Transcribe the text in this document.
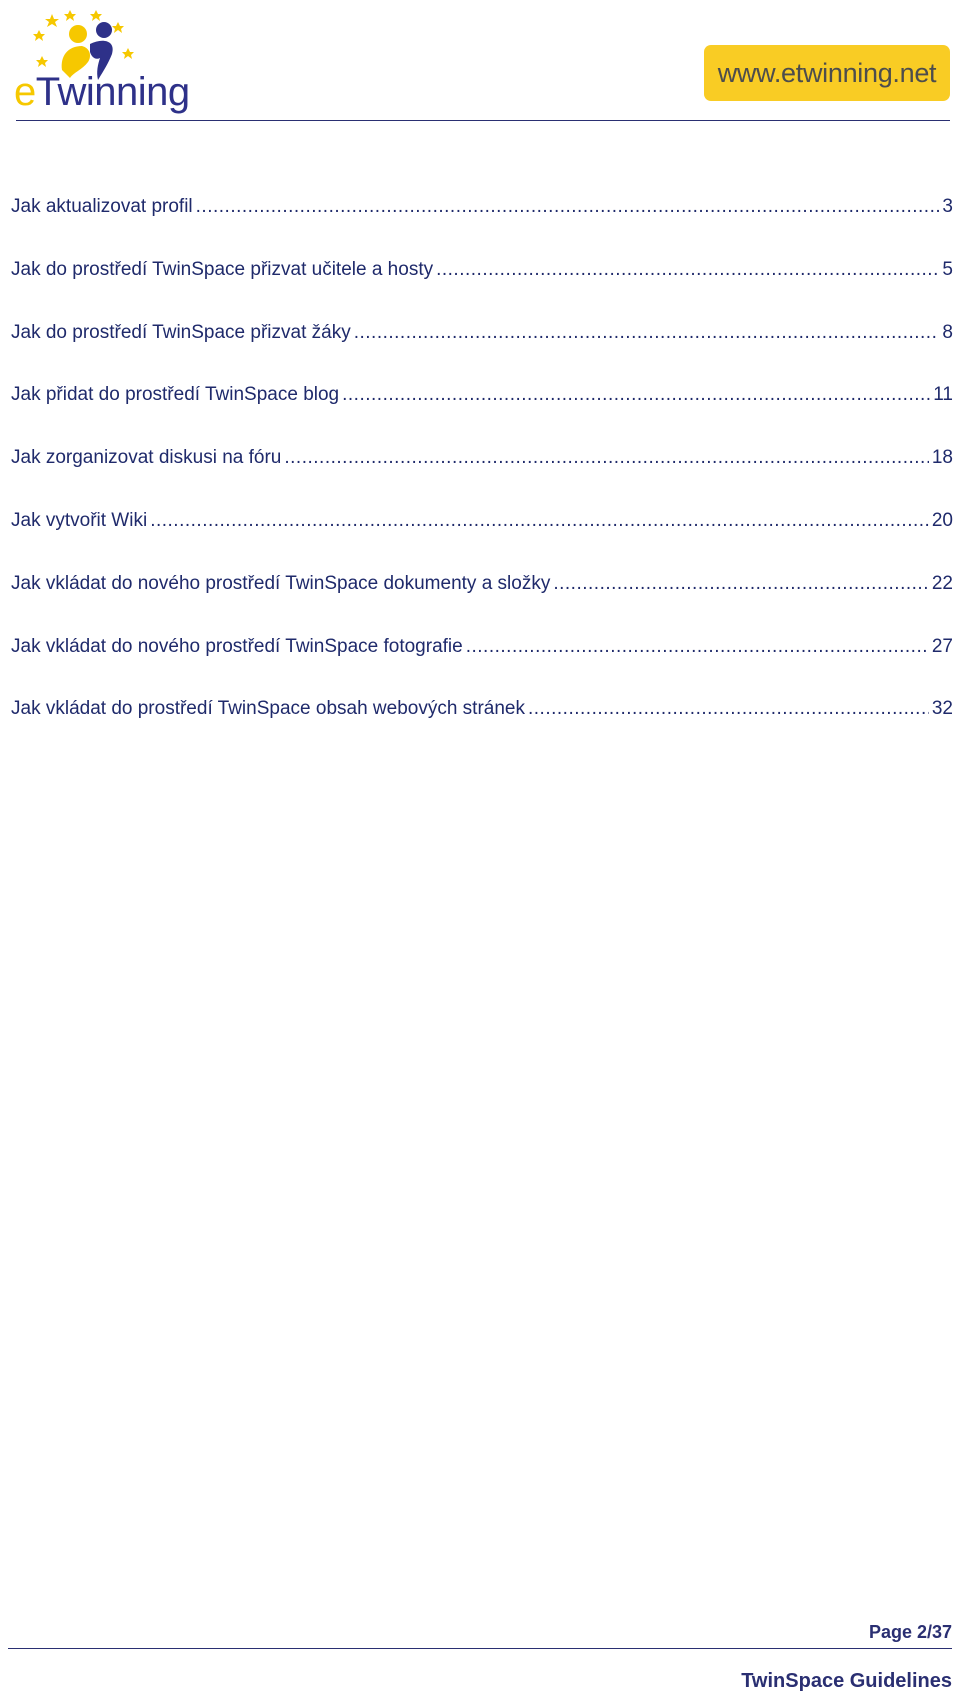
eTwinning	www.etwinning.net
Jak aktualizovat profil .....	3
Jak do prostředí TwinSpace přizvat učitele a hosty .....	5
Jak do prostředí TwinSpace přizvat žáky .....	8
Jak přidat do prostředí TwinSpace blog .....	11
Jak zorganizovat diskusi na fóru .....	18
Jak vytvořit Wiki .....	20
Jak vkládat do nového prostředí TwinSpace dokumenty a složky .....	22
Jak vkládat do nového prostředí TwinSpace fotografie .....	27
Jak vkládat do prostředí TwinSpace obsah webových stránek .....	32
Page 2/37
TwinSpace Guidelines
